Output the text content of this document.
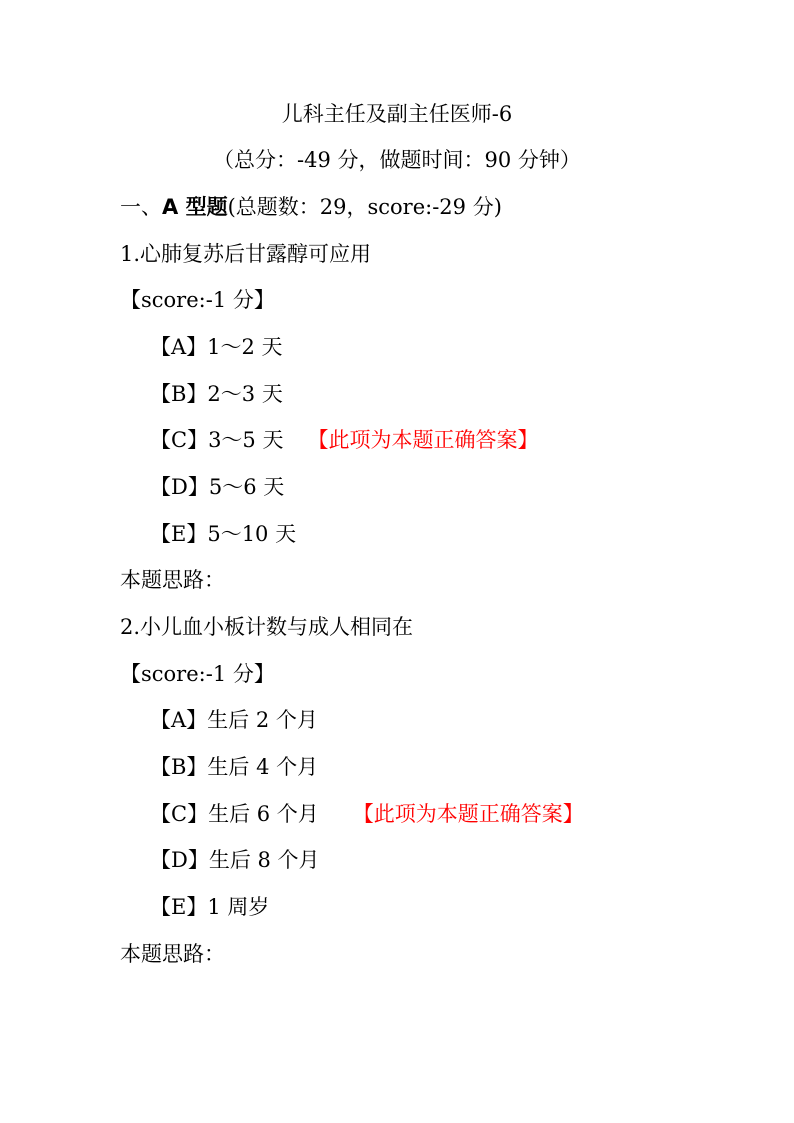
儿科主任及副主任医师-6
（总分：-49 分，做题时间：90 分钟）
一、A 型题(总题数：29，score:-29 分)
1.心肺复苏后甘露醇可应用
【score:-1 分】
【A】1～2 天
【B】2～3 天
【C】3～5 天 【此项为本题正确答案】
【D】5～6 天
【E】5～10 天
本题思路：
2.小儿血小板计数与成人相同在
【score:-1 分】
【A】生后 2 个月
【B】生后 4 个月
【C】生后 6 个月 【此项为本题正确答案】
【D】生后 8 个月
【E】1 周岁
本题思路：
